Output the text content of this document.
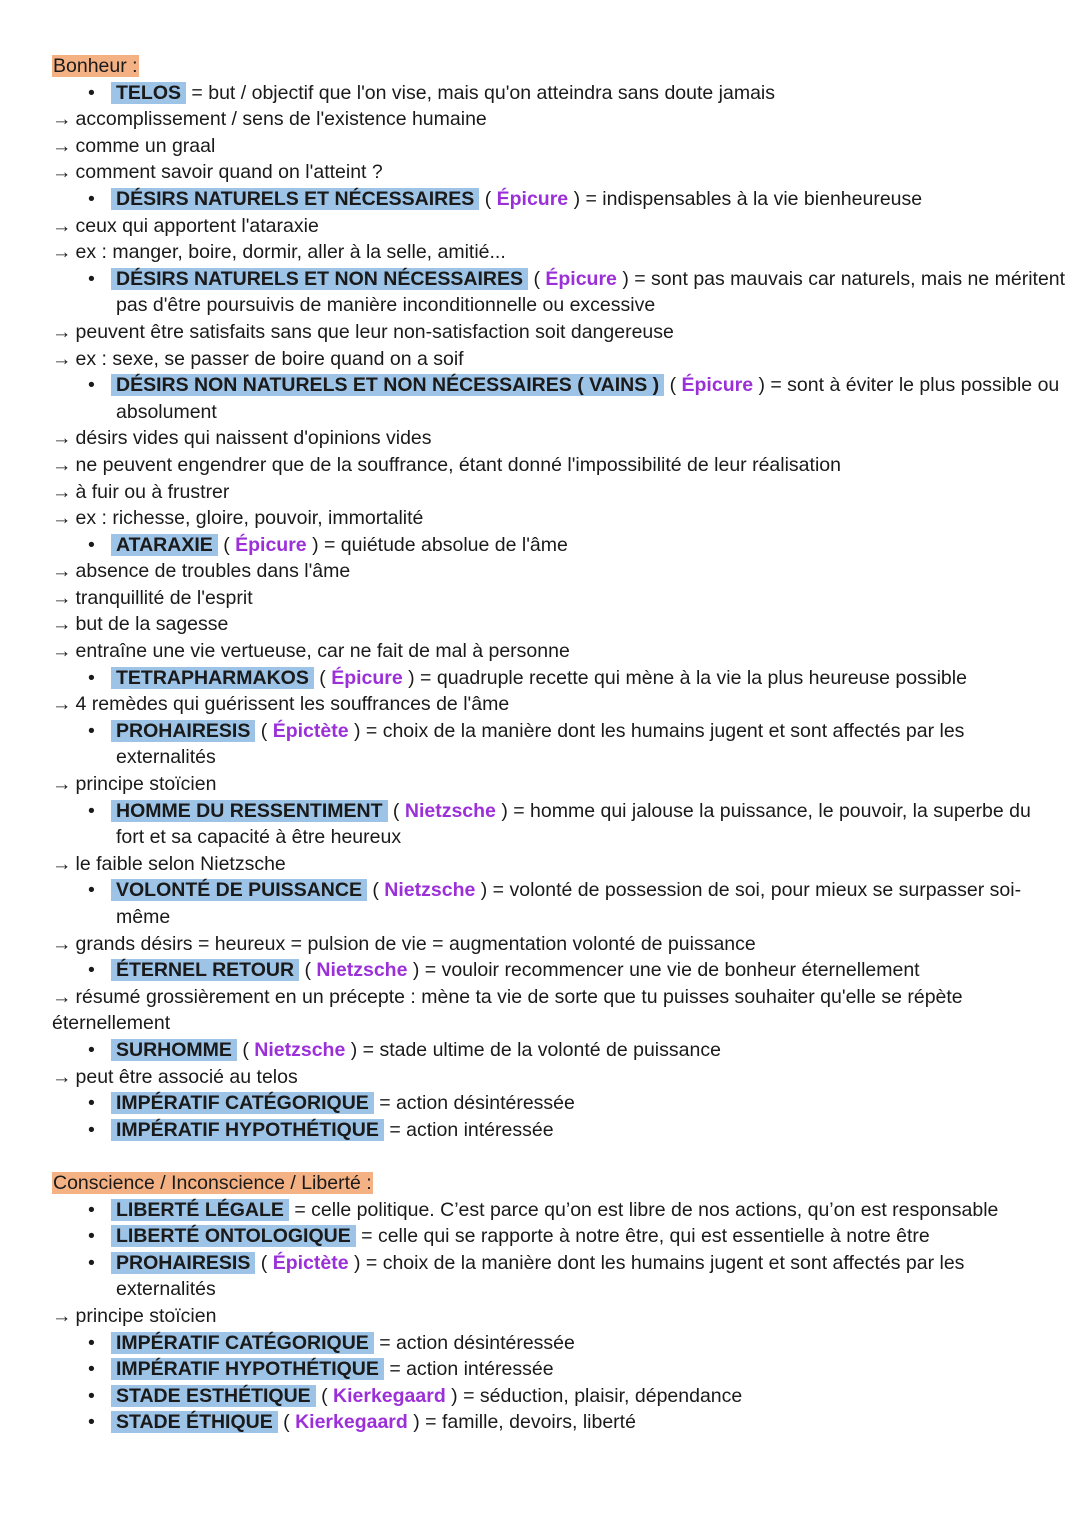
Bonheur :
• TELOS = but / objectif que l'on vise, mais qu'on atteindra sans doute jamais
→ accomplissement / sens de l'existence humaine
→ comme un graal
→ comment savoir quand on l'atteint ?
• DÉSIRS NATURELS ET NÉCESSAIRES ( Épicure ) = indispensables à la vie bienheureuse
→ ceux qui apportent l'ataraxie
→ ex : manger, boire, dormir, aller à la selle, amitié...
• DÉSIRS NATURELS ET NON NÉCESSAIRES ( Épicure ) = sont pas mauvais car naturels, mais ne méritent
pas d'être poursuivis de manière inconditionnelle ou excessive
→ peuvent être satisfaits sans que leur non-satisfaction soit dangereuse
→ ex : sexe, se passer de boire quand on a soif
• DÉSIRS NON NATURELS ET NON NÉCESSAIRES ( VAINS ) ( Épicure ) = sont à éviter le plus possible ou
absolument
→ désirs vides qui naissent d'opinions vides
→ ne peuvent engendrer que de la souffrance, étant donné l'impossibilité de leur réalisation
→ à fuir ou à frustrer
→ ex : richesse, gloire, pouvoir, immortalité
• ATARAXIE ( Épicure ) = quiétude absolue de l'âme
→ absence de troubles dans l'âme
→ tranquillité de l'esprit
→ but de la sagesse
→ entraîne une vie vertueuse, car ne fait de mal à personne
• TETRAPHARMAKOS ( Épicure ) = quadruple recette qui mène à la vie la plus heureuse possible
→ 4 remèdes qui guérissent les souffrances de l'âme
• PROHAIRESIS ( Épictète ) = choix de la manière dont les humains jugent et sont affectés par les
externalités
→ principe stoïcien
• HOMME DU RESSENTIMENT ( Nietzsche ) = homme qui jalouse la puissance, le pouvoir, la superbe du
fort et sa capacité à être heureux
→ le faible selon Nietzsche
• VOLONTÉ DE PUISSANCE ( Nietzsche ) = volonté de possession de soi, pour mieux se surpasser soi-
même
→ grands désirs = heureux = pulsion de vie = augmentation volonté de puissance
• ÉTERNEL RETOUR ( Nietzsche ) = vouloir recommencer une vie de bonheur éternellement
→ résumé grossièrement en un précepte : mène ta vie de sorte que tu puisses souhaiter qu'elle se répète
éternellement
• SURHOMME ( Nietzsche ) = stade ultime de la volonté de puissance
→ peut être associé au telos
• IMPÉRATIF CATÉGORIQUE = action désintéressée
• IMPÉRATIF HYPOTHÉTIQUE = action intéressée
Conscience / Inconscience / Liberté :
• LIBERTÉ LÉGALE = celle politique. C’est parce qu’on est libre de nos actions, qu’on est responsable
• LIBERTÉ ONTOLOGIQUE = celle qui se rapporte à notre être, qui est essentielle à notre être
• PROHAIRESIS ( Épictète ) = choix de la manière dont les humains jugent et sont affectés par les
externalités
→ principe stoïcien
• IMPÉRATIF CATÉGORIQUE = action désintéressée
• IMPÉRATIF HYPOTHÉTIQUE = action intéressée
• STADE ESTHÉTIQUE ( Kierkegaard ) = séduction, plaisir, dépendance
• STADE ÉTHIQUE ( Kierkegaard ) = famille, devoirs, liberté
